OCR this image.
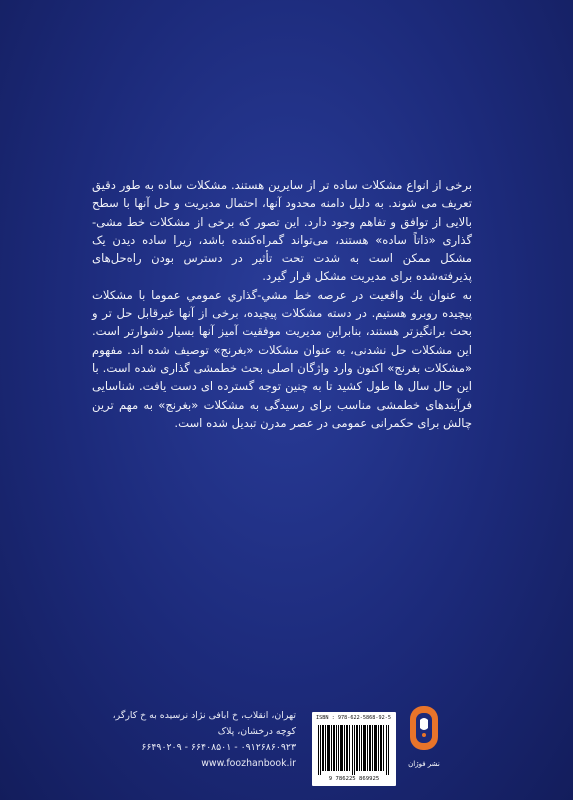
برخی از انواع مشکلات ساده تر از سایرین هستند. مشکلات ساده به طور دقیق تعریف می شوند. به دلیل دامنه محدود آنها، احتمال مدیریت و حل آنها با سطح بالایی از توافق و تفاهم وجود دارد. این تصور که برخی از مشکلات خط مشی-گذاری «ذاتاً ساده» هستند، می‌تواند گمراه‌کننده باشد، زیرا ساده دیدن یک مشکل ممکن است به شدت تحت تأثیر در دسترس بودن راه‌حل‌های پذیرفته‌شده برای مدیریت مشکل قرار گیرد.

به عنوان یك واقعیت در عرصه خط مشي-گذاري عمومي عموما با مشکلات پیچیده روبرو هستیم. در دسته مشکلات پیچیده، برخی از آنها غیرقابل حل تر و بحث برانگیزتر هستند، بنابراین مدیریت موفقیت آمیز آنها بسیار دشوارتر است. این مشکلات حل نشدنی، به عنوان مشکلات «بغرنج» توصیف شده اند. مفهوم «مشکلات بغرنج» اکنون وارد واژگان اصلی بحث خطمشی گذاری شده است. با این حال سال ها طول کشید تا به چنین توجه گسترده ای دست یافت. شناسایی فرآیندهای خطمشی مناسب برای رسیدگی به مشکلات «بغرنج» به مهم ترین چالش برای حکمرانی عمومی در عصر مدرن تبدیل شده است.

تهران، انقلاب، خ ابافی نژاد نرسیده به خ کارگر،
کوچه درخشان، پلاک
۰۹۱۲۶۸۶۰۹۲۳ - ۶۶۴۰۸۵۰۱ - ۶۶۴۹۰۲۰۹
www.foozhanbook.ir
ISBN : 978-622-5868-92-5
9 786225 869925
نشر فوژان
